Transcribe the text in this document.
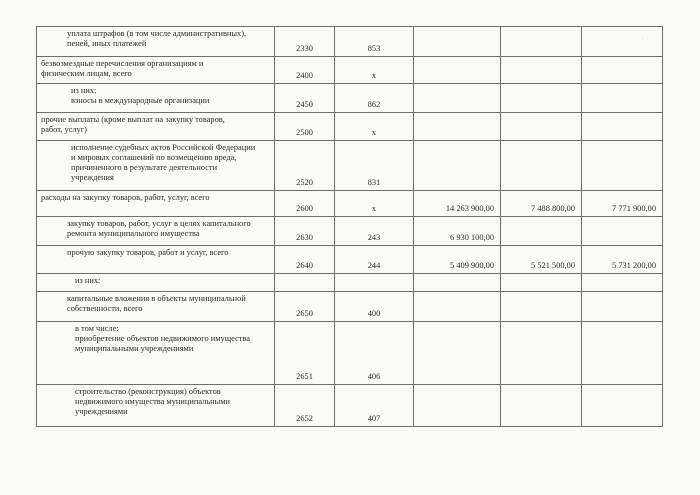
· ·
уплата штрафов (в том числе административных),
пеней, иных платежей	2330	853			

безвозмездные перечисления организациям и
физическим лицам, всего	2400	x			

из них:
взносы в международные организации	2450	862			

прочие выплаты (кроме выплат на закупку товаров,
работ, услуг)	2500	x			

исполнение судебных актов Российской Федерации
и мировых соглашений по возмещению вреда,
причиненного в результате деятельности
учреждения	2520	831			

расходы на закупку товаров, работ, услуг, всего	2600	x	14 263 900,00	7 488 800,00	7 771 900,00

закупку товаров, работ, услуг в целях капитального
ремонта муниципального имущества	2630	243	6 930 100,00		

прочую закупку товаров, работ и услуг, всего	2640	244	5 409 900,00	5 521 500,00	5 731 200,00

из них:					

капитальные вложения в объекты муниципальной
собственности, всего	2650	400			

в том числе:
приобретение объектов недвижимого имущества
муниципальными учреждениями	2651	406			

строительство (реконструкция) объектов
недвижимого имущества муниципальными
учреждениями	2652	407			
